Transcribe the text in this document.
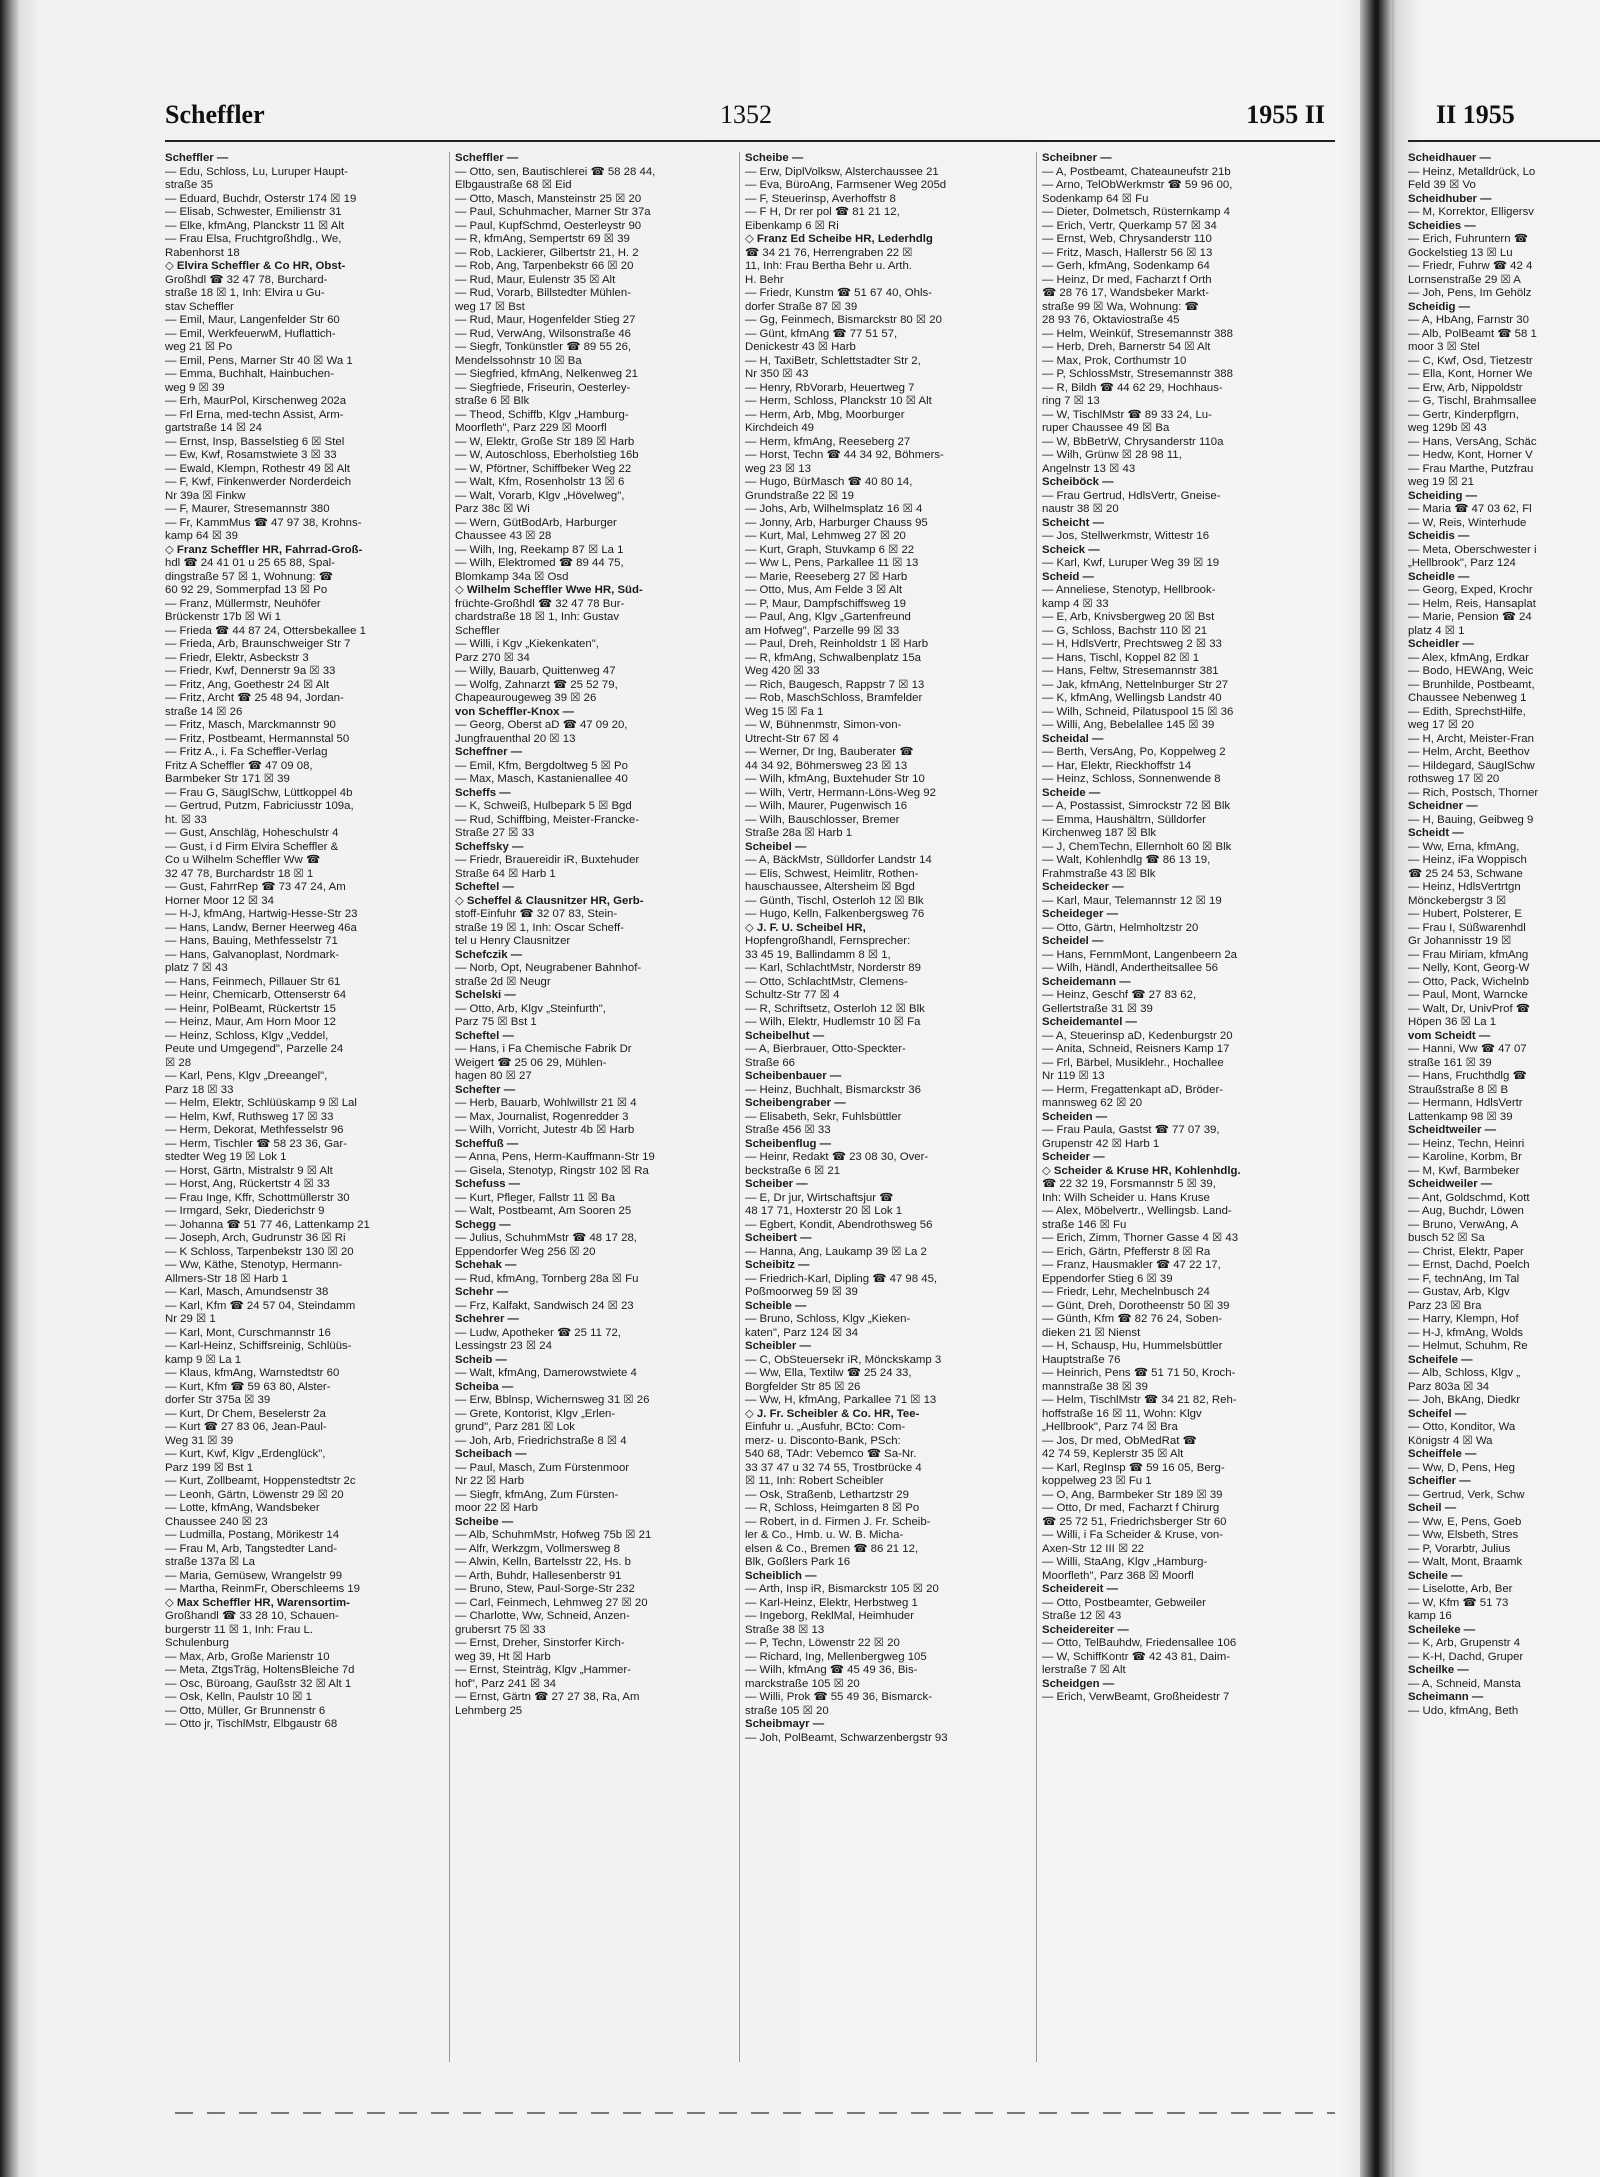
Scheffler	1352	1955 II	II 1955
Scheffler —
— Edu, Schloss, Lu, Luruper Haupt-
straße 35
— Eduard, Buchdr, Osterstr 174 ☒ 19
— Elisab, Schwester, Emilienstr 31
— Elke, kfmAng, Planckstr 11 ☒ Alt
— Frau Elsa, Fruchtgroßhdlg., We,
Rabenhorst 18
◇ Elvira Scheffler & Co HR, Obst-
Großhdl ☎ 32 47 78, Burchard-
straße 18 ☒ 1, Inh: Elvira u Gu-
stav Scheffler
— Emil, Maur, Langenfelder Str 60
— Emil, WerkfeuerwM, Huflattich-
weg 21 ☒ Po
— Emil, Pens, Marner Str 40 ☒ Wa 1
— Emma, Buchhalt, Hainbuchen-
weg 9 ☒ 39
— Erh, MaurPol, Kirschenweg 202a
— Frl Erna, med-techn Assist, Arm-
gartstraße 14 ☒ 24
— Ernst, Insp, Basselstieg 6 ☒ Stel
— Ew, Kwf, Rosamstwiete 3 ☒ 33
— Ewald, Klempn, Rothestr 49 ☒ Alt
— F, Kwf, Finkenwerder Norderdeich
Nr 39a ☒ Finkw
— F, Maurer, Stresemannstr 380
— Fr, KammMus ☎ 47 97 38, Krohns-
kamp 64 ☒ 39
◇ Franz Scheffler HR, Fahrrad-Groß-
hdl ☎ 24 41 01 u 25 65 88, Spal-
dingstraße 57 ☒ 1, Wohnung: ☎
60 92 29, Sommerpfad 13 ☒ Po
— Franz, Müllermstr, Neuhöfer
Brückenstr 17b ☒ Wi 1
— Frieda ☎ 44 87 24, Ottersbekallee 1
— Frieda, Arb, Braunschweiger Str 7
— Friedr, Elektr, Asbeckstr 3
— Friedr, Kwf, Dennerstr 9a ☒ 33
— Fritz, Ang, Goethestr 24 ☒ Alt
— Fritz, Archt ☎ 25 48 94, Jordan-
straße 14 ☒ 26
— Fritz, Masch, Marckmannstr 90
— Fritz, Postbeamt, Hermannstal 50
— Fritz A., i. Fa Scheffler-Verlag
Fritz A Scheffler ☎ 47 09 08,
Barmbeker Str 171 ☒ 39
— Frau G, SäuglSchw, Lüttkoppel 4b
— Gertrud, Putzm, Fabriciusstr 109a,
ht. ☒ 33
— Gust, Anschläg, Hoheschulstr 4
— Gust, i d Firm Elvira Scheffler &
Co u Wilhelm Scheffler Ww ☎
32 47 78, Burchardstr 18 ☒ 1
— Gust, FahrrRep ☎ 73 47 24, Am
Horner Moor 12 ☒ 34
— H-J, kfmAng, Hartwig-Hesse-Str 23
— Hans, Landw, Berner Heerweg 46a
— Hans, Bauing, Methfesselstr 71
— Hans, Galvanoplast, Nordmark-
platz 7 ☒ 43
— Hans, Feinmech, Pillauer Str 61
— Heinr, Chemicarb, Ottenserstr 64
— Heinr, PolBeamt, Rückertstr 15
— Heinz, Maur, Am Horn Moor 12
— Heinz, Schloss, Klgv „Veddel,
Peute und Umgegend", Parzelle 24
☒ 28
— Karl, Pens, Klgv „Dreeangel",
Parz 18 ☒ 33
— Helm, Elektr, Schlüüskamp 9 ☒ Lal
— Helm, Kwf, Ruthsweg 17 ☒ 33
— Herm, Dekorat, Methfesselstr 96
— Herm, Tischler ☎ 58 23 36, Gar-
stedter Weg 19 ☒ Lok 1
— Horst, Gärtn, Mistralstr 9 ☒ Alt
— Horst, Ang, Rückertstr 4 ☒ 33
— Frau Inge, Kffr, Schottmüllerstr 30
— Irmgard, Sekr, Diederichstr 9
— Johanna ☎ 51 77 46, Lattenkamp 21
— Joseph, Arch, Gudrunstr 36 ☒ Ri
— K Schloss, Tarpenbekstr 130 ☒ 20
— Ww, Käthe, Stenotyp, Hermann-
Allmers-Str 18 ☒ Harb 1
— Karl, Masch, Amundsenstr 38
— Karl, Kfm ☎ 24 57 04, Steindamm
Nr 29 ☒ 1
— Karl, Mont, Curschmannstr 16
— Karl-Heinz, Schiffsreinig, Schlüüs-
kamp 9 ☒ La 1
— Klaus, kfmAng, Warnstedtstr 60
— Kurt, Kfm ☎ 59 63 80, Alster-
dorfer Str 375a ☒ 39
— Kurt, Dr Chem, Beselerstr 2a
— Kurt ☎ 27 83 06, Jean-Paul-
Weg 31 ☒ 39
— Kurt, Kwf, Klgv „Erdenglück",
Parz 199 ☒ Bst 1
— Kurt, Zollbeamt, Hoppenstedtstr 2c
— Leonh, Gärtn, Löwenstr 29 ☒ 20
— Lotte, kfmAng, Wandsbeker
Chaussee 240 ☒ 23
— Ludmilla, Postang, Mörikestr 14
— Frau M, Arb, Tangstedter Land-
straße 137a ☒ La
— Maria, Gemüsew, Wrangelstr 99
— Martha, ReinmFr, Oberschleems 19
◇ Max Scheffler HR, Warensortim-
Großhandl ☎ 33 28 10, Schauen-
burgerstr 11 ☒ 1, Inh: Frau L.
Schulenburg
— Max, Arb, Große Marienstr 10
— Meta, ZtgsTräg, HoltensBleiche 7d
— Osc, Büroang, Gaußstr 32 ☒ Alt 1
— Osk, Kelln, Paulstr 10 ☒ 1
— Otto, Müller, Gr Brunnenstr 6
— Otto jr, TischlMstr, Elbgaustr 68
Scheffler —
— Otto, sen, Bautischlerei ☎ 58 28 44,
Elbgaustraße 68 ☒ Eid
— Otto, Masch, Mansteinstr 25 ☒ 20
— Paul, Schuhmacher, Marner Str 37a
— Paul, KupfSchmd, Oesterleystr 90
— R, kfmAng, Sempertstr 69 ☒ 39
— Rob, Lackierer, Gilbertstr 21, H. 2
— Rob, Ang, Tarpenbekstr 66 ☒ 20
— Rud, Maur, Eulenstr 35 ☒ Alt
— Rud, Vorarb, Billstedter Mühlen-
weg 17 ☒ Bst
— Rud, Maur, Hogenfelder Stieg 27
— Rud, VerwAng, Wilsonstraße 46
— Siegfr, Tonkünstler ☎ 89 55 26,
Mendelssohnstr 10 ☒ Ba
— Siegfried, kfmAng, Nelkenweg 21
— Siegfriede, Friseurin, Oesterley-
straße 6 ☒ Blk
— Theod, Schiffb, Klgv „Hamburg-
Moorfleth", Parz 229 ☒ Moorfl
— W, Elektr, Große Str 189 ☒ Harb
— W, Autoschloss, Eberholstieg 16b
— W, Pförtner, Schiffbeker Weg 22
— Walt, Kfm, Rosenholstr 13 ☒ 6
— Walt, Vorarb, Klgv „Hövelweg",
Parz 38c ☒ Wi
— Wern, GütBodArb, Harburger
Chaussee 43 ☒ 28
— Wilh, Ing, Reekamp 87 ☒ La 1
— Wilh, Elektromed ☎ 89 44 75,
Blomkamp 34a ☒ Osd
◇ Wilhelm Scheffler Wwe HR, Süd-
früchte-Großhdl ☎ 32 47 78 Bur-
chardstraße 18 ☒ 1, Inh: Gustav
Scheffler
— Willi, i Kgv „Kiekenkaten",
Parz 270 ☒ 34
— Willy, Bauarb, Quittenweg 47
— Wolfg, Zahnarzt ☎ 25 52 79,
Chapeaurougeweg 39 ☒ 26
von Scheffler-Knox —
— Georg, Oberst aD ☎ 47 09 20,
Jungfrauenthal 20 ☒ 13
Scheffner —
— Emil, Kfm, Bergdoltweg 5 ☒ Po
— Max, Masch, Kastanienallee 40
Scheffs —
— K, Schweiß, Hulbepark 5 ☒ Bgd
— Rud, Schiffbing, Meister-Francke-
Straße 27 ☒ 33
Scheffsky —
— Friedr, Brauereidir iR, Buxtehuder
Straße 64 ☒ Harb 1
Scheftel —
◇ Scheffel & Clausnitzer HR, Gerb-
stoff-Einfuhr ☎ 32 07 83, Stein-
straße 19 ☒ 1, Inh: Oscar Scheff-
tel u Henry Clausnitzer
Schefczik —
— Norb, Opt, Neugrabener Bahnhof-
straße 2d ☒ Neugr
Schelski —
— Otto, Arb, Klgv „Steinfurth",
Parz 75 ☒ Bst 1
Scheftel —
— Hans, i Fa Chemische Fabrik Dr
Weigert ☎ 25 06 29, Mühlen-
hagen 80 ☒ 27
Schefter —
— Herb, Bauarb, Wohlwillstr 21 ☒ 4
— Max, Journalist, Rogenredder 3
— Wilh, Vorricht, Jutestr 4b ☒ Harb
Scheffuß —
— Anna, Pens, Herm-Kauffmann-Str 19
— Gisela, Stenotyp, Ringstr 102 ☒ Ra
Schefuss —
— Kurt, Pfleger, Fallstr 11 ☒ Ba
— Walt, Postbeamt, Am Sooren 25
Schegg —
— Julius, SchuhmMstr ☎ 48 17 28,
Eppendorfer Weg 256 ☒ 20
Schehak —
— Rud, kfmAng, Tornberg 28a ☒ Fu
Schehr —
— Frz, Kalfakt, Sandwisch 24 ☒ 23
Schehrer —
— Ludw, Apotheker ☎ 25 11 72,
Lessingstr 23 ☒ 24
Scheib —
— Walt, kfmAng, Damerowstwiete 4
Scheiba —
— Erw, Bblnsp, Wichernsweg 31 ☒ 26
— Grete, Kontorist, Klgv „Erlen-
grund", Parz 281 ☒ Lok
— Joh, Arb, Friedrichstraße 8 ☒ 4
Scheibach —
— Paul, Masch, Zum Fürstenmoor
Nr 22 ☒ Harb
— Siegfr, kfmAng, Zum Fürsten-
moor 22 ☒ Harb
Scheibe —
— Alb, SchuhmMstr, Hofweg 75b ☒ 21
— Alfr, Werkzgm, Vollmersweg 8
— Alwin, Kelln, Bartelsstr 22, Hs. b
— Arth, Buhdr, Hallesenberstr 91
— Bruno, Stew, Paul-Sorge-Str 232
— Carl, Feinmech, Lehmweg 27 ☒ 20
— Charlotte, Ww, Schneid, Anzen-
grubersrt 75 ☒ 33
— Ernst, Dreher, Sinstorfer Kirch-
weg 39, Ht ☒ Harb
— Ernst, Steinträg, Klgv „Hammer-
hof", Parz 241 ☒ 34
— Ernst, Gärtn ☎ 27 27 38, Ra, Am
Lehmberg 25
Scheibe —
— Erw, DiplVolksw, Alsterchaussee 21
— Eva, BüroAng, Farmsener Weg 205d
— F, Steuerinsp, Averhoffstr 8
— F H, Dr rer pol ☎ 81 21 12,
Eibenkamp 6 ☒ Ri
◇ Franz Ed Scheibe HR, Lederhdlg
☎ 34 21 76, Herrengraben 22 ☒
11, Inh: Frau Bertha Behr u. Arth.
H. Behr
— Friedr, Kunstm ☎ 51 67 40, Ohls-
dorfer Straße 87 ☒ 39
— Gg, Feinmech, Bismarckstr 80 ☒ 20
— Günt, kfmAng ☎ 77 51 57,
Denickestr 43 ☒ Harb
— H, TaxiBetr, Schlettstadter Str 2,
Nr 350 ☒ 43
— Henry, RbVorarb, Heuertweg 7
— Herm, Schloss, Planckstr 10 ☒ Alt
— Herm, Arb, Mbg, Moorburger
Kirchdeich 49
— Herm, kfmAng, Reeseberg 27
— Horst, Techn ☎ 44 34 92, Böhmers-
weg 23 ☒ 13
— Hugo, BürMasch ☎ 40 80 14,
Grundstraße 22 ☒ 19
— Johs, Arb, Wilhelmsplatz 16 ☒ 4
— Jonny, Arb, Harburger Chauss 95
— Kurt, Mal, Lehmweg 27 ☒ 20
— Kurt, Graph, Stuvkamp 6 ☒ 22
— Ww L, Pens, Parkallee 11 ☒ 13
— Marie, Reeseberg 27 ☒ Harb
— Otto, Mus, Am Felde 3 ☒ Alt
— P, Maur, Dampfschiffsweg 19
— Paul, Ang, Klgv „Gartenfreund
am Hofweg", Parzelle 99 ☒ 33
— Paul, Dreh, Reinholdstr 1 ☒ Harb
— R, kfmAng, Schwalbenplatz 15a
Weg 420 ☒ 33
— Rich, Baugesch, Rappstr 7 ☒ 13
— Rob, MaschSchloss, Bramfelder
Weg 15 ☒ Fa 1
— W, Bühnenmstr, Simon-von-
Utrecht-Str 67 ☒ 4
— Werner, Dr Ing, Bauberater ☎
44 34 92, Böhmersweg 23 ☒ 13
— Wilh, kfmAng, Buxtehuder Str 10
— Wilh, Vertr, Hermann-Löns-Weg 92
— Wilh, Maurer, Pugenwisch 16
— Wilh, Bauschlosser, Bremer
Straße 28a ☒ Harb 1
Scheibel —
— A, BäckMstr, Sülldorfer Landstr 14
— Elis, Schwest, Heimlitr, Rothen-
hauschaussee, Altersheim ☒ Bgd
— Günth, Tischl, Osterloh 12 ☒ Blk
— Hugo, Kelln, Falkenbergsweg 76
◇ J. F. U. Scheibel HR,
Hopfengroßhandl, Fernsprecher:
33 45 19, Ballindamm 8 ☒ 1,
— Karl, SchlachtMstr, Norderstr 89
— Otto, SchlachtMstr, Clemens-
Schultz-Str 77 ☒ 4
— R, Schriftsetz, Osterloh 12 ☒ Blk
— Wilh, Elektr, Hudlemstr 10 ☒ Fa
Scheibelhut —
— A, Bierbrauer, Otto-Speckter-
Straße 66
Scheibenbauer —
— Heinz, Buchhalt, Bismarckstr 36
Scheibengraber —
— Elisabeth, Sekr, Fuhlsbüttler
Straße 456 ☒ 33
Scheibenflug —
— Heinr, Redakt ☎ 23 08 30, Over-
beckstraße 6 ☒ 21
Scheiber —
— E, Dr jur, Wirtschaftsjur ☎
48 17 71, Hoxterstr 20 ☒ Lok 1
— Egbert, Kondit, Abendrothsweg 56
Scheibert —
— Hanna, Ang, Laukamp 39 ☒ La 2
Scheibitz —
— Friedrich-Karl, Dipling ☎ 47 98 45,
Poßmoorweg 59 ☒ 39
Scheible —
— Bruno, Schloss, Klgv „Kieken-
katen", Parz 124 ☒ 34
Scheibler —
— C, ObSteuersekr iR, Mönckskamp 3
— Ww, Ella, Textilw ☎ 25 24 33,
Borgfelder Str 85 ☒ 26
— Ww, H, kfmAng, Parkallee 71 ☒ 13
◇ J. Fr. Scheibler & Co. HR, Tee-
Einfuhr u. „Ausfuhr, BCto: Com-
merz- u. Disconto-Bank, PSch:
540 68, TAdr: Vebemco ☎ Sa-Nr.
33 37 47 u 32 74 55, Trostbrücke 4
☒ 11, Inh: Robert Scheibler
— Osk, Straßenb, Lethartzstr 29
— R, Schloss, Heimgarten 8 ☒ Po
— Robert, in d. Firmen J. Fr. Scheib-
ler & Co., Hmb. u. W. B. Micha-
elsen & Co., Bremen ☎ 86 21 12,
Blk, Goßlers Park 16
Scheiblich —
— Arth, Insp iR, Bismarckstr 105 ☒ 20
— Karl-Heinz, Elektr, Herbstweg 1
— Ingeborg, ReklMal, Heimhuder
Straße 38 ☒ 13
— P, Techn, Löwenstr 22 ☒ 20
— Richard, Ing, Mellenbergweg 105
— Wilh, kfmAng ☎ 45 49 36, Bis-
marckstraße 105 ☒ 20
— Willi, Prok ☎ 55 49 36, Bismarck-
straße 105 ☒ 20
Scheibmayr —
— Joh, PolBeamt, Schwarzenbergstr 93
Scheibner —
— A, Postbeamt, Chateauneufstr 21b
— Arno, TelObWerkmstr ☎ 59 96 00,
Sodenkamp 64 ☒ Fu
— Dieter, Dolmetsch, Rüsternkamp 4
— Erich, Vertr, Querkamp 57 ☒ 34
— Ernst, Web, Chrysanderstr 110
— Fritz, Masch, Hallerstr 56 ☒ 13
— Gerh, kfmAng, Sodenkamp 64
— Heinz, Dr med, Facharzt f Orth
☎ 28 76 17, Wandsbeker Markt-
straße 99 ☒ Wa, Wohnung: ☎
28 93 76, Oktaviostraße 45
— Helm, Weinküf, Stresemannstr 388
— Herb, Dreh, Barnerstr 54 ☒ Alt
— Max, Prok, Corthumstr 10
— P, SchlossMstr, Stresemannstr 388
— R, Bildh ☎ 44 62 29, Hochhaus-
ring 7 ☒ 13
— W, TischlMstr ☎ 89 33 24, Lu-
ruper Chaussee 49 ☒ Ba
— W, BbBetrW, Chrysanderstr 110a
— Wilh, Grünw ☒ 28 98 11,
Angelnstr 13 ☒ 43
Scheiböck —
— Frau Gertrud, HdlsVertr, Gneise-
naustr 38 ☒ 20
Scheicht —
— Jos, Stellwerkmstr, Wittestr 16
Scheick —
— Karl, Kwf, Luruper Weg 39 ☒ 19
Scheid —
— Anneliese, Stenotyp, Hellbrook-
kamp 4 ☒ 33
— E, Arb, Knivsbergweg 20 ☒ Bst
— G, Schloss, Bachstr 110 ☒ 21
— H, HdlsVertr, Prechtsweg 2 ☒ 33
— Hans, Tischl, Koppel 82 ☒ 1
— Hans, Feltw, Stresemannstr 381
— Jak, kfmAng, Nettelnburger Str 27
— K, kfmAng, Wellingsb Landstr 40
— Wilh, Schneid, Pilatuspool 15 ☒ 36
— Willi, Ang, Bebelallee 145 ☒ 39
Scheidal —
— Berth, VersAng, Po, Koppelweg 2
— Har, Elektr, Rieckhoffstr 14
— Heinz, Schloss, Sonnenwende 8
Scheide —
— A, Postassist, Simrockstr 72 ☒ Blk
— Emma, Haushältrn, Sülldorfer
Kirchenweg 187 ☒ Blk
— J, ChemTechn, Ellernholt 60 ☒ Blk
— Walt, Kohlenhdlg ☎ 86 13 19,
Frahmstraße 43 ☒ Blk
Scheidecker —
— Karl, Maur, Telemannstr 12 ☒ 19
Scheideger —
— Otto, Gärtn, Helmholtzstr 20
Scheidel —
— Hans, FernmMont, Langenbeern 2a
— Wilh, Händl, Andertheitsallee 56
Scheidemann —
— Heinz, Geschf ☎ 27 83 62,
Gellertstraße 31 ☒ 39
Scheidemantel —
— A, Steuerinsp aD, Kedenburgstr 20
— Anita, Schneid, Reisners Kamp 17
— Frl, Bärbel, Musiklehr., Hochallee
Nr 119 ☒ 13
— Herm, Fregattenkapt aD, Bröder-
mannsweg 62 ☒ 20
Scheiden —
— Frau Paula, Gastst ☎ 77 07 39,
Grupenstr 42 ☒ Harb 1
Scheider —
◇ Scheider & Kruse HR, Kohlenhdlg.
☎ 22 32 19, Forsmannstr 5 ☒ 39,
Inh: Wilh Scheider u. Hans Kruse
— Alex, Möbelvertr., Wellingsb. Land-
straße 146 ☒ Fu
— Erich, Zimm, Thorner Gasse 4 ☒ 43
— Erich, Gärtn, Pfefferstr 8 ☒ Ra
— Franz, Hausmakler ☎ 47 22 17,
Eppendorfer Stieg 6 ☒ 39
— Friedr, Lehr, Mechelnbusch 24
— Günt, Dreh, Dorotheenstr 50 ☒ 39
— Günth, Kfm ☎ 82 76 24, Soben-
dieken 21 ☒ Nienst
— H, Schausp, Hu, Hummelsbüttler
Hauptstraße 76
— Heinrich, Pens ☎ 51 71 50, Kroch-
mannstraße 38 ☒ 39
— Helm, TischlMstr ☎ 34 21 82, Reh-
hoffstraße 16 ☒ 11, Wohn: Klgv
„Hellbrook", Parz 74 ☒ Bra
— Jos, Dr med, ObMedRat ☎
42 74 59, Keplerstr 35 ☒ Alt
— Karl, RegInsp ☎ 59 16 05, Berg-
koppelweg 23 ☒ Fu 1
— O, Ang, Barmbeker Str 189 ☒ 39
— Otto, Dr med, Facharzt f Chirurg
☎ 25 72 51, Friedrichsberger Str 60
— Willi, i Fa Scheider & Kruse, von-
Axen-Str 12 III ☒ 22
— Willi, StaAng, Klgv „Hamburg-
Moorfleth", Parz 368 ☒ Moorfl
Scheidereit —
— Otto, Postbeamter, Gebweiler
Straße 12 ☒ 43
Scheidereiter —
— Otto, TelBauhdw, Friedensallee 106
— W, SchiffKontr ☎ 42 43 81, Daim-
lerstraße 7 ☒ Alt
Scheidgen —
— Erich, VerwBeamt, Großheidestr 7
Scheidhauer —
— Heinz, Metalldrück, Lo
Feld 39 ☒ Vo
Scheidhuber —
— M, Korrektor, Elligersv
Scheidies —
— Erich, Fuhruntern ☎
Gockelstieg 13 ☒ Lu
— Friedr, Fuhrw ☎ 42 4
Lornsenstraße 29 ☒ A
— Joh, Pens, Im Gehölz
Scheidig —
— A, HbAng, Farnstr 30
— Alb, PolBeamt ☎ 58 1
moor 3 ☒ Stel
— C, Kwf, Osd, Tietzestr
— Ella, Kont, Horner We
— Erw, Arb, Nippoldstr
— G, Tischl, Brahmsallee
— Gertr, Kinderpflgrn,
weg 129b ☒ 43
— Hans, VersAng, Schäc
— Hedw, Kont, Horner V
— Frau Marthe, Putzfrau
weg 19 ☒ 21
Scheiding —
— Maria ☎ 47 03 62, Fl
— W, Reis, Winterhude
Scheidis —
— Meta, Oberschwester i
„Hellbrook", Parz 124
Scheidle —
— Georg, Exped, Krochr
— Helm, Reis, Hansaplat
— Marie, Pension ☎ 24
platz 4 ☒ 1
Scheidler —
— Alex, kfmAng, Erdkar
— Bodo, HEWAng, Weic
— Brunhilde, Postbeamt,
Chaussee Nebenweg 1
— Edith, SprechstHilfe,
weg 17 ☒ 20
— H, Archt, Meister-Fran
— Helm, Archt, Beethov
— Hildegard, SäuglSchw
rothsweg 17 ☒ 20
— Rich, Postsch, Thorner
Scheidner —
— H, Bauing, Geibweg 9
Scheidt —
— Ww, Erna, kfmAng,
— Heinz, iFa Woppisch
☎ 25 24 53, Schwane
— Heinz, HdlsVertrtgn
Mönckebergstr 3 ☒
— Hubert, Polsterer, E
— Frau I, Süßwarenhdl
Gr Johannisstr 19 ☒
— Frau Miriam, kfmAng
— Nelly, Kont, Georg-W
— Otto, Pack, Wichelnb
— Paul, Mont, Warncke
— Walt, Dr, UnivProf ☎
Höpen 36 ☒ La 1
vom Scheidt —
— Hanni, Ww ☎ 47 07
straße 161 ☒ 39
— Hans, Fruchthdlg ☎
Straußstraße 8 ☒ B
— Hermann, HdlsVertr
Lattenkamp 98 ☒ 39
Scheidtweiler —
— Heinz, Techn, Heinri
— Karoline, Korbm, Br
— M, Kwf, Barmbeker
Scheidweiler —
— Ant, Goldschmd, Kott
— Aug, Buchdr, Löwen
— Bruno, VerwAng, A
busch 52 ☒ Sa
— Christ, Elektr, Paper
— Ernst, Dachd, Poelch
— F, technAng, Im Tal
— Gustav, Arb, Klgv
Parz 23 ☒ Bra
— Harry, Klempn, Hof
— H-J, kfmAng, Wolds
— Helmut, Schuhm, Re
Scheifele —
— Alb, Schloss, Klgv „
Parz 803a ☒ 34
— Joh, BkAng, Diedkr
Scheifel —
— Otto, Konditor, Wa
Königstr 4 ☒ Wa
Scheiffele —
— Ww, D, Pens, Heg
Scheifler —
— Gertrud, Verk, Schw
Scheil —
— Ww, E, Pens, Goeb
— Ww, Elsbeth, Stres
— P, Vorarbtr, Julius
— Walt, Mont, Braamk
Scheile —
— Liselotte, Arb, Ber
— W, Kfm ☎ 51 73
kamp 16
Scheileke —
— K, Arb, Grupenstr 4
— K-H, Dachd, Gruper
Scheilke —
— A, Schneid, Mansta
Scheimann —
— Udo, kfmAng, Beth
